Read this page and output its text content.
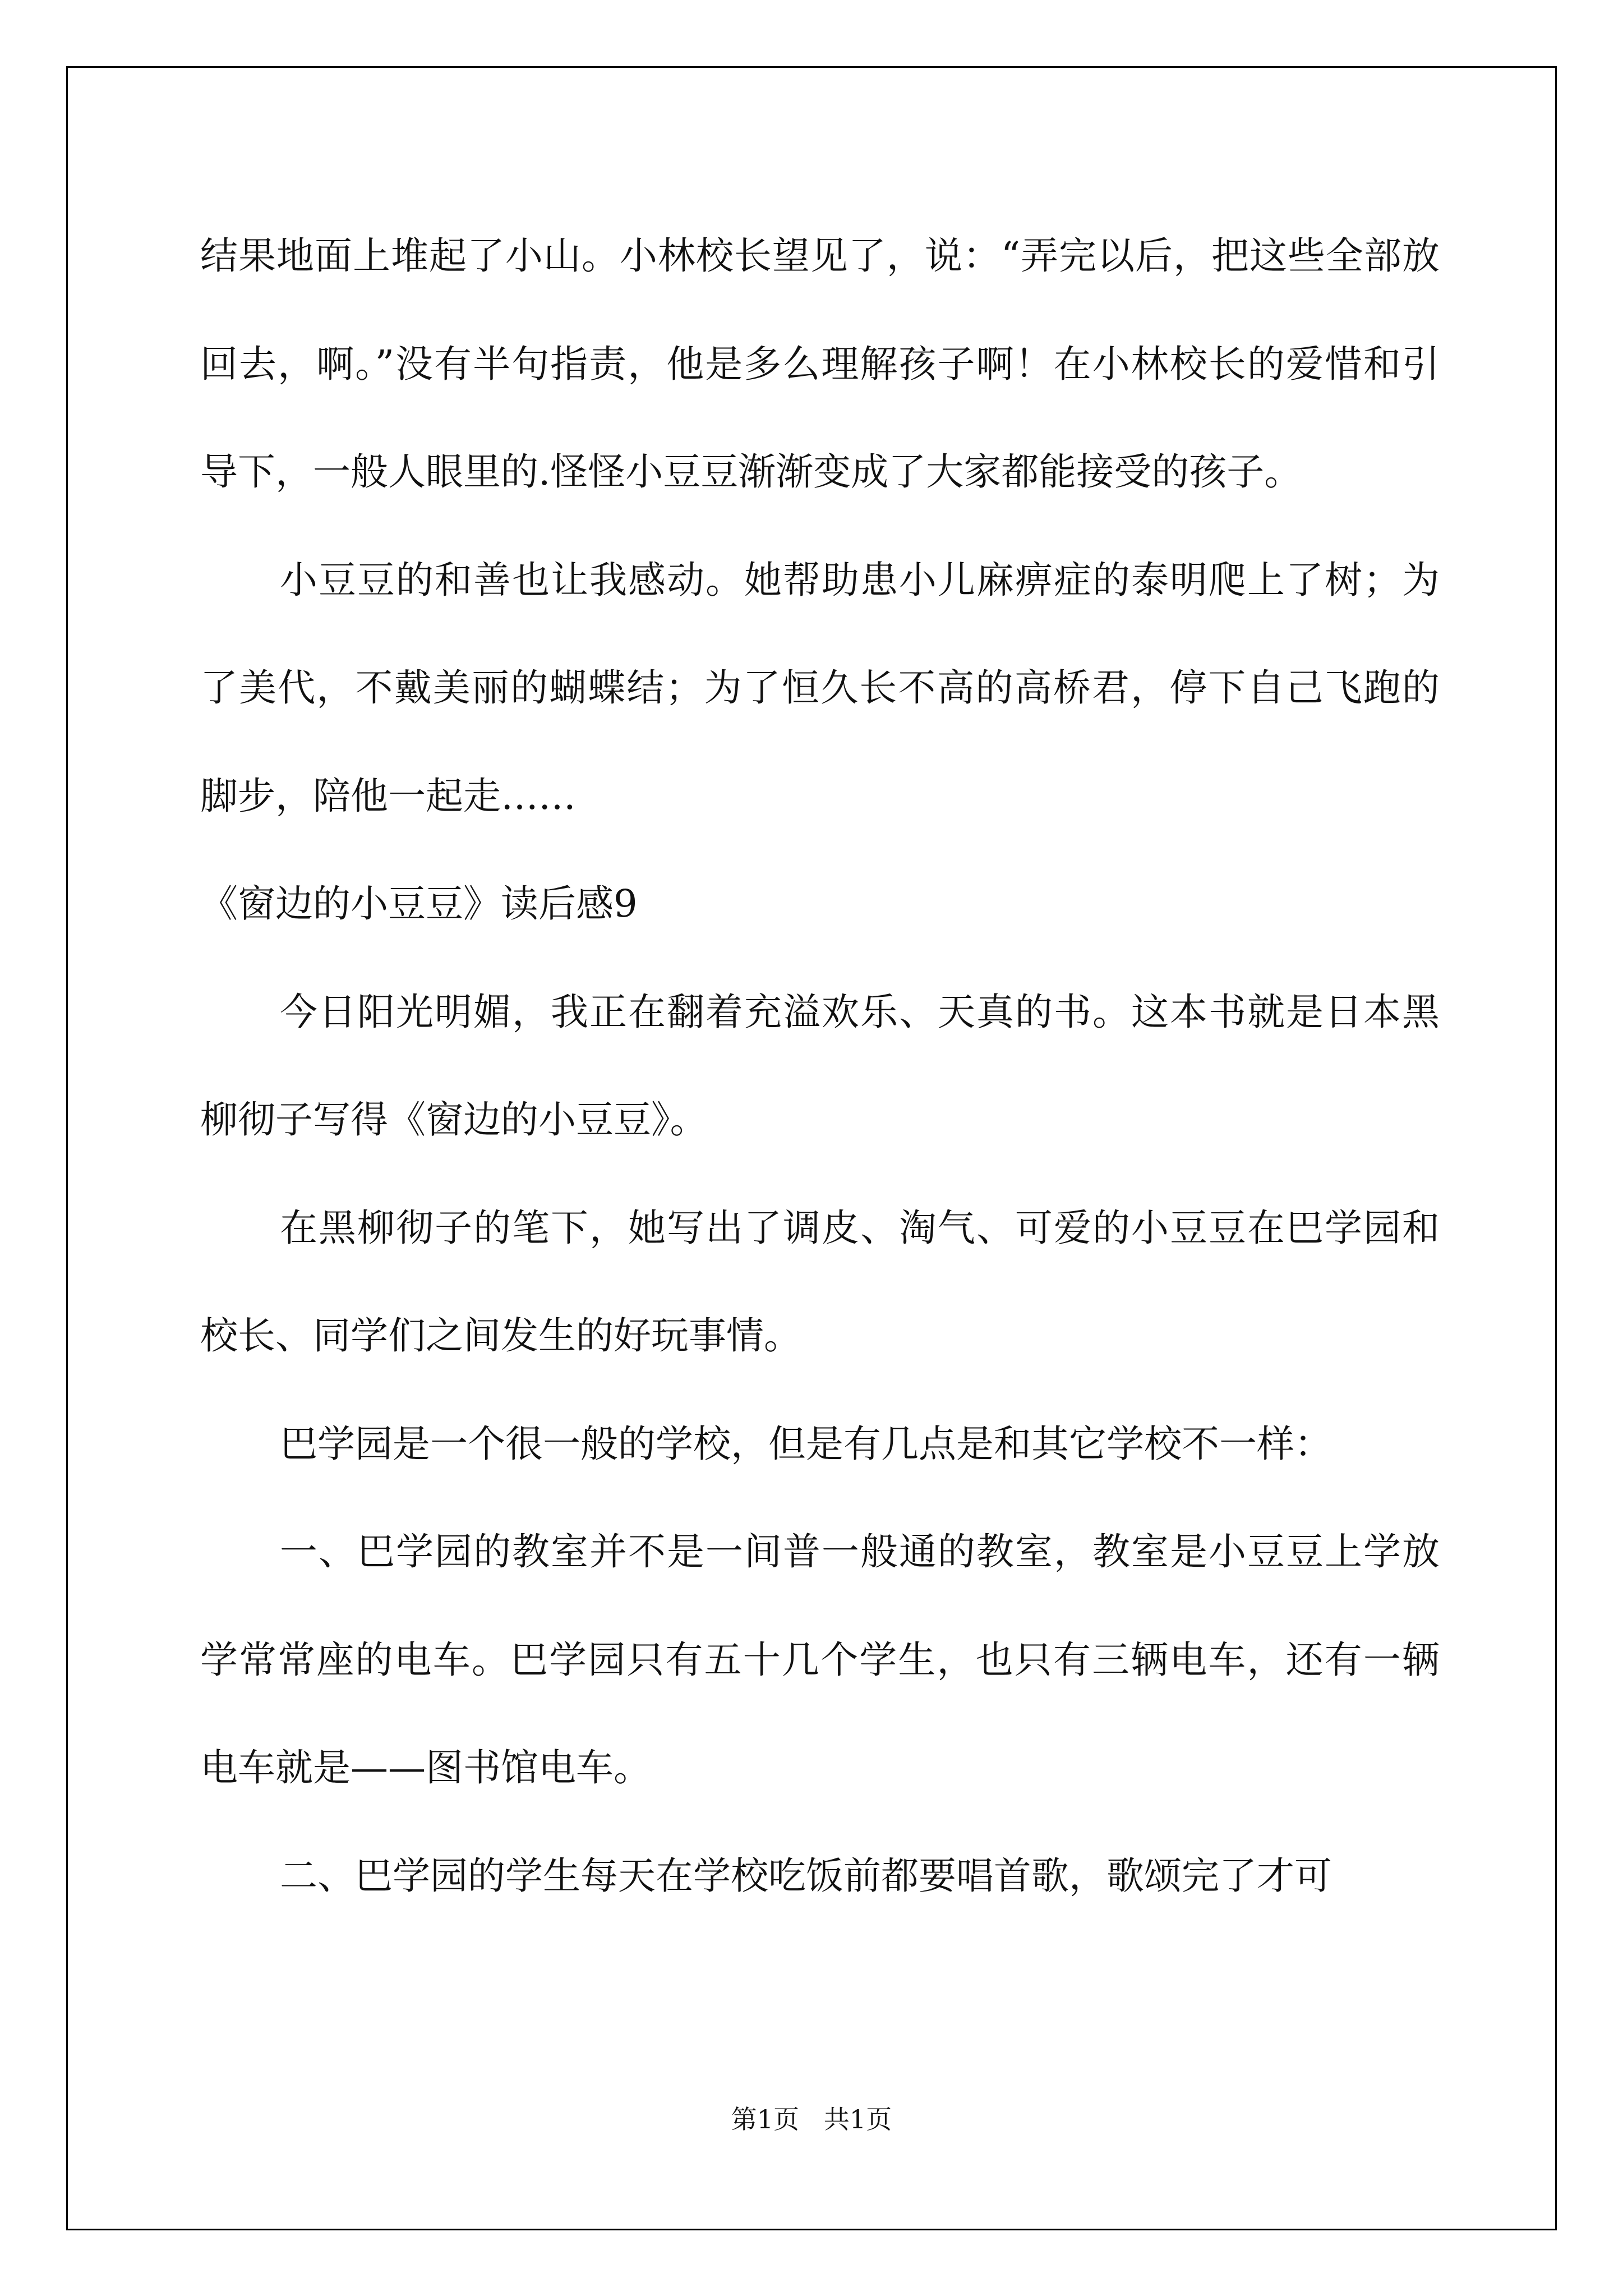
结果地面上堆起了小山。小林校长望见了，说：“弄完以后，把这些全部放回去，啊。”没有半句指责，他是多么理解孩子啊！在小林校长的爱惜和引导下，一般人眼里的.怪怪小豆豆渐渐变成了大家都能接受的孩子。

小豆豆的和善也让我感动。她帮助患小儿麻痹症的泰明爬上了树；为了美代，不戴美丽的蝴蝶结；为了恒久长不高的高桥君，停下自己飞跑的脚步，陪他一起走……

《窗边的小豆豆》读后感9

今日阳光明媚，我正在翻着充溢欢乐、天真的书。这本书就是日本黑柳彻子写得《窗边的小豆豆》。

在黑柳彻子的笔下，她写出了调皮、淘气、可爱的小豆豆在巴学园和校长、同学们之间发生的好玩事情。

巴学园是一个很一般的学校，但是有几点是和其它学校不一样：

一、巴学园的教室并不是一间普一般通的教室，教室是小豆豆上学放学常常座的电车。巴学园只有五十几个学生，也只有三辆电车，还有一辆电车就是——图书馆电车。

二、巴学园的学生每天在学校吃饭前都要唱首歌，歌颂完了才可

第1页   共1页
